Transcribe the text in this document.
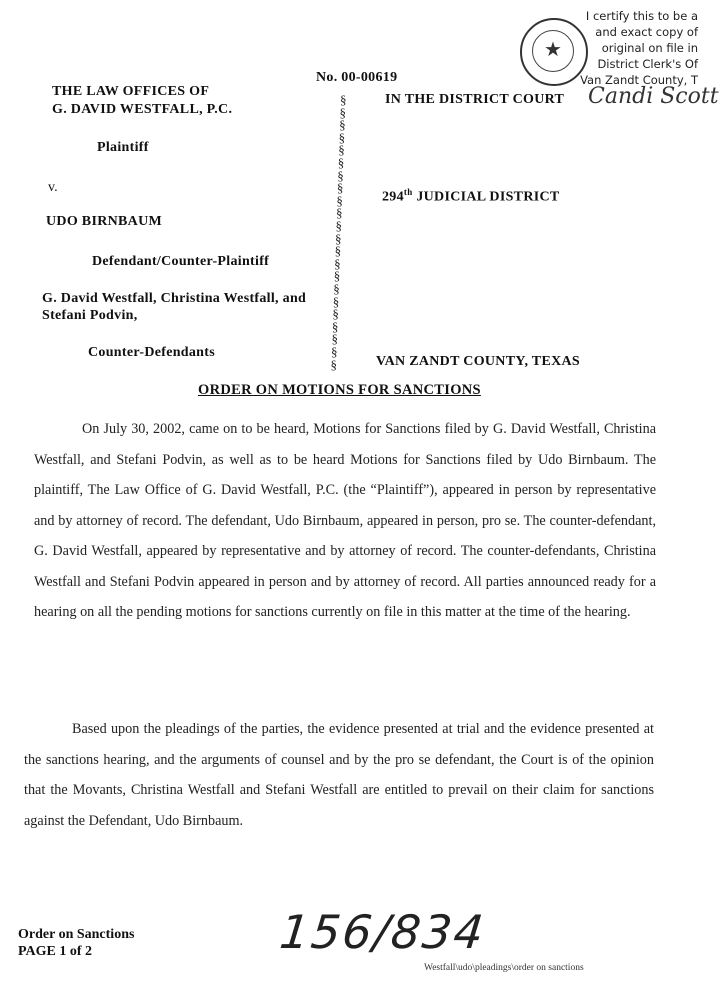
★
I certify this to be a
and exact copy of
original on file in
District Clerk's Of
Van Zandt County, T
Candi Scott
No. 00-00619
THE LAW OFFICES OF
G. DAVID WESTFALL, P.C.
Plaintiff
v.
UDO BIRNBAUM
Defendant/Counter-Plaintiff
G. David Westfall, Christina Westfall, and
Stefani Podvin,
Counter-Defendants
§
§
§
§
§
§
§
§
§
§
§
§
§
§
§
§
§
§
§
§
§
§
IN THE DISTRICT COURT
294th JUDICIAL DISTRICT
VAN ZANDT COUNTY, TEXAS
ORDER ON MOTIONS FOR SANCTIONS

On July 30, 2002, came on to be heard, Motions for Sanctions filed by G. David Westfall, Christina Westfall, and Stefani Podvin, as well as to be heard Motions for Sanctions filed by Udo Birnbaum. The plaintiff, The Law Office of G. David Westfall, P.C. (the “Plaintiff”), appeared in person by representative and by attorney of record. The defendant, Udo Birnbaum, appeared in person, pro se. The counter-defendant, G. David Westfall, appeared by representative and by attorney of record. The counter-defendants, Christina Westfall and Stefani Podvin appeared in person and by attorney of record. All parties announced ready for a hearing on all the pending motions for sanctions currently on file in this matter at the time of the hearing.

Based upon the pleadings of the parties, the evidence presented at trial and the evidence presented at the sanctions hearing, and the arguments of counsel and by the pro se defendant, the Court is of the opinion that the Movants, Christina Westfall and Stefani Westfall are entitled to prevail on their claim for sanctions against the Defendant, Udo Birnbaum.

Order on Sanctions
PAGE 1 of 2	156/834
Westfall\udo\pleadings\order on sanctions
